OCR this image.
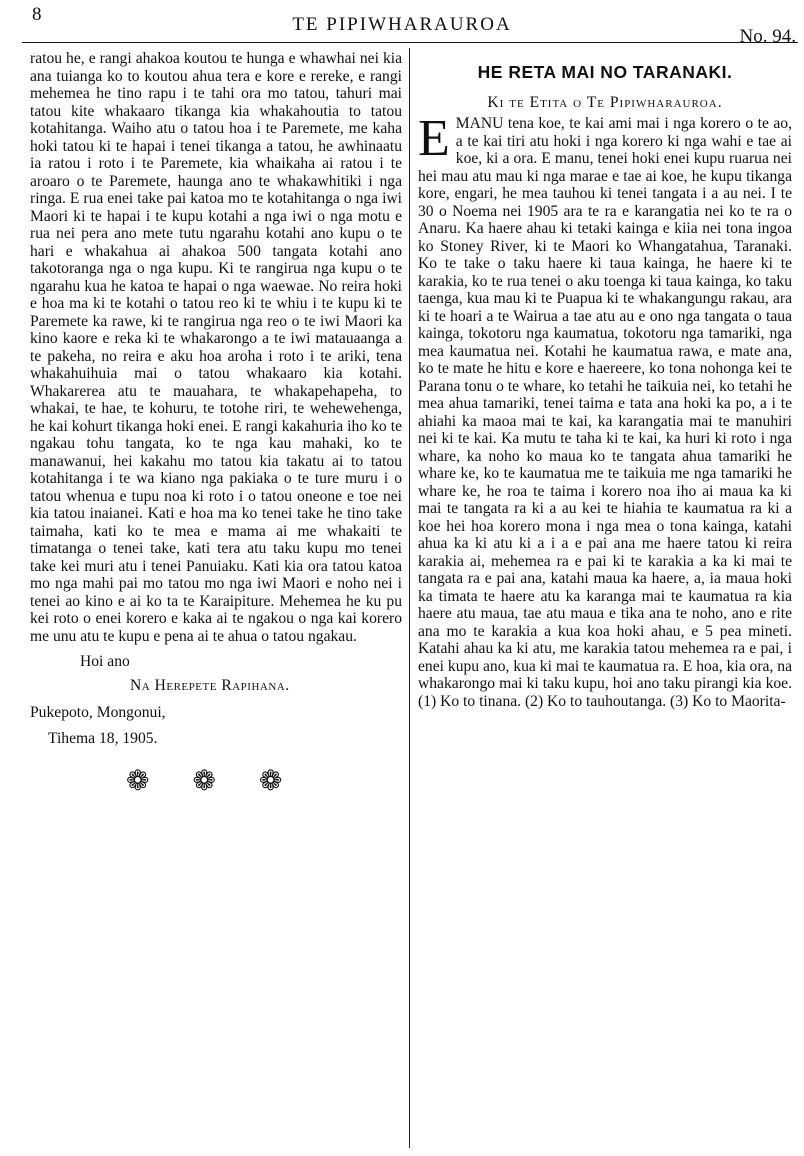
8	TE PIPIWHARAUROA
No. 94.

ratou he, e rangi ahakoa koutou te hunga e whawhai nei kia ana tuianga ko to koutou ahua tera e kore e rereke, e rangi mehemea he tino rapu i te tahi ora mo tatou, tahuri mai tatou kite whakaaro tikanga kia whakahoutia to tatou kotahitanga. Waiho atu o tatou hoa i te Paremete, me kaha hoki tatou ki te hapai i tenei tikanga a tatou, he awhinaatu ia ratou i roto i te Paremete, kia whaikaha ai ratou i te aroaro o te Paremete, haunga ano te whakawhitiki i nga ringa. E rua enei take pai katoa mo te kotahitanga o nga iwi Maori ki te hapai i te kupu kotahi a nga iwi o nga motu e rua nei pera ano mete tutu ngarahu kotahi ano kupu o te hari e whakahua ai ahakoa 500 tangata kotahi ano takotoranga nga o nga kupu. Ki te rangirua nga kupu o te ngarahu kua he katoa te hapai o nga waewae. No reira hoki e hoa ma ki te kotahi o tatou reo ki te whiu i te kupu ki te Paremete ka rawe, ki te rangirua nga reo o te iwi Maori ka kino kaore e reka ki te whakarongo a te iwi matauaanga a te pakeha, no reira e aku hoa aroha i roto i te ariki, tena whakahuihuia mai o tatou whakaaro kia kotahi. Whakarerea atu te mauahara, te whakapehapeha, to whakai, te hae, te kohuru, te totohe riri, te wehewehenga, he kai kohurt tikanga hoki enei. E rangi kakahuria iho ko te ngakau tohu tangata, ko te nga kau mahaki, ko te manawanui, hei kakahu mo tatou kia takatu ai to tatou kotahitanga i te wa kiano nga pakiaka o te ture muru i o tatou whenua e tupu noa ki roto i o tatou oneone e toe nei kia tatou inaianei. Kati e hoa ma ko tenei take he tino take taimaha, kati ko te mea e mama ai me whakaiti te timatanga o tenei take, kati tera atu taku kupu mo tenei take kei muri atu i tenei Panuiaku. Kati kia ora tatou katoa mo nga mahi pai mo tatou mo nga iwi Maori e noho nei i tenei ao kino e ai ko ta te Karaipiture. Mehemea he ku pu kei roto o enei korero e kaka ai te ngakou o nga kai korero me unu atu te kupu e pena ai te ahua o tatou ngakau.

Hoi ano
Na Herepete Rapihana.
Pukepoto, Mongonui,
Tihema 18, 1905.
❁ ❁ ❁
HE RETA MAI NO TARANAKI.
Ki te Etita o Te Pipiwharauroa.
E MANU tena koe, te kai ami mai i nga korero o te ao, a te kai tiri atu hoki i nga korero ki nga wahi e tae ai koe, ki a ora. E manu, tenei hoki enei kupu ruarua nei hei mau atu mau ki nga marae e tae ai koe, he kupu tikanga kore, engari, he mea tauhou ki tenei tangata i a au nei. I te 30 o Noema nei 1905 ara te ra e karangatia nei ko te ra o Anaru. Ka haere ahau ki tetaki kainga e kiia nei tona ingoa ko Stoney River, ki te Maori ko Whangatahua, Taranaki. Ko te take o taku haere ki taua kainga, he haere ki te karakia, ko te rua tenei o aku toenga ki taua kainga, ko taku taenga, kua mau ki te Puapua ki te whakangungu rakau, ara ki te hoari a te Wairua a tae atu au e ono nga tangata o taua kainga, tokotoru nga kaumatua, tokotoru nga tamariki, nga mea kaumatua nei. Kotahi he kaumatua rawa, e mate ana, ko te mate he hitu e kore e haereere, ko tona nohonga kei te Parana tonu o te whare, ko tetahi he taikuia nei, ko tetahi he mea ahua tamariki, tenei taima e tata ana hoki ka po, a i te ahiahi ka maoa mai te kai, ka karangatia mai te manuhiri nei ki te kai. Ka mutu te taha ki te kai, ka huri ki roto i nga whare, ka noho ko maua ko te tangata ahua tamariki he whare ke, ko te kaumatua me te taikuia me nga tamariki he whare ke, he roa te taima i korero noa iho ai maua ka ki mai te tangata ra ki a au kei te hiahia te kaumatua ra ki a koe hei hoa korero mona i nga mea o tona kainga, katahi ahua ka ki atu ki a i a e pai ana me haere tatou ki reira karakia ai, mehemea ra e pai ki te karakia a ka ki mai te tangata ra e pai ana, katahi maua ka haere, a, ia maua hoki ka timata te haere atu ka karanga mai te kaumatua ra kia haere atu maua, tae atu maua e tika ana te noho, ano e rite ana mo te karakia a kua koa hoki ahau, e 5 pea mineti. Katahi ahau ka ki atu, me karakia tatou mehemea ra e pai, i enei kupu ano, kua ki mai te kaumatua ra. E hoa, kia ora, na whakarongo mai ki taku kupu, hoi ano taku pirangi kia koe. (1) Ko to tinana. (2) Ko to tauhoutanga. (3) Ko to Maorita-
